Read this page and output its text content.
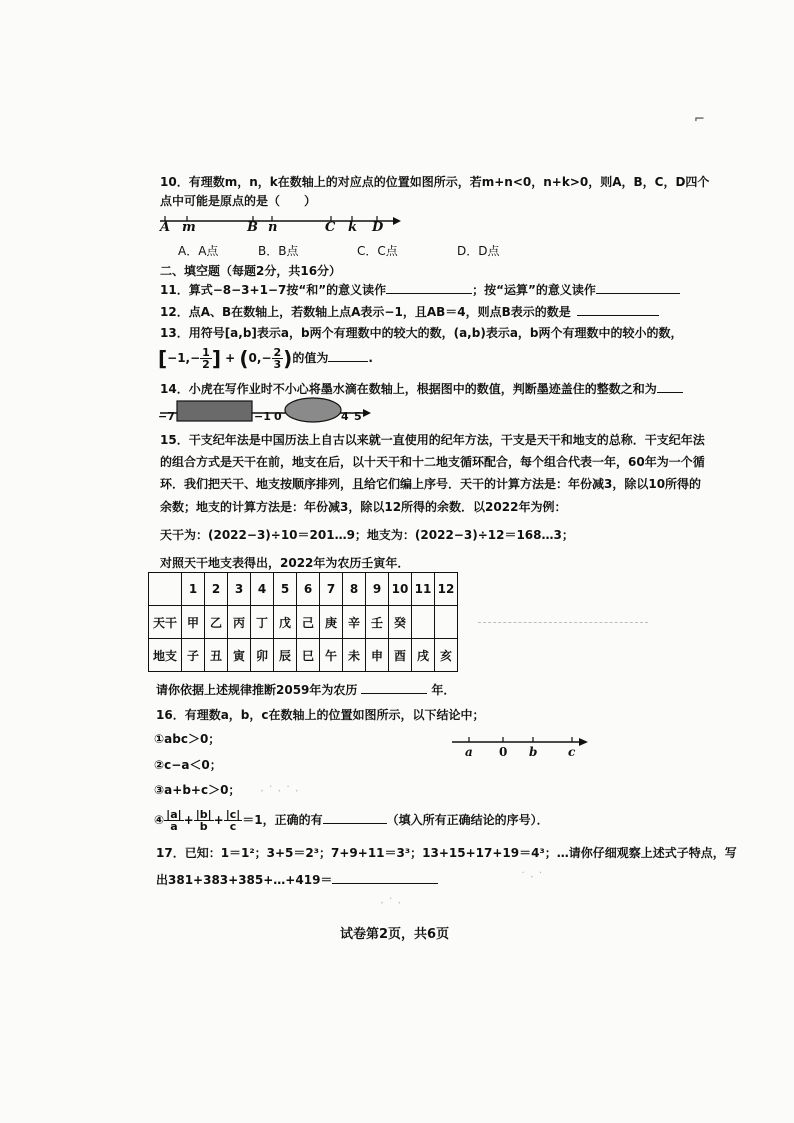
⌐
10．有理数m，n，k在数轴上的对应点的位置如图所示，若m+n<0，n+k>0，则A，B，C，D四个
点中可能是原点的是（　　）
A m	B n	C k D
A．A点	B．B点	C．C点	D．D点
二、填空题（每题2分，共16分）
11．算式−8−3+1−7按“和”的意义读作	；按“运算”的意义读作
12．点A、B在数轴上，若数轴上点A表示−1，且AB＝4，则点B表示的数是
13．用符号[a,b]表示a，b两个有理数中的较大的数，(a,b)表示a，b两个有理数中的较小的数，
[$-1,- \frac{1}{2}$ ] + ($0,- \frac{2}{3}$ )的值为	.
14．小虎在写作业时不小心将墨水滴在数轴上，根据图中的数值，判断墨迹盖住的整数之和为
−7	−1 0	4 5
15．干支纪年法是中国历法上自古以来就一直使用的纪年方法，干支是天干和地支的总称．干支纪年法
的组合方式是天干在前，地支在后，以十天干和十二地支循环配合，每个组合代表一年，60年为一个循
环．我们把天干、地支按顺序排列，且给它们编上序号．天干的计算方法是：年份减3，除以10所得的
余数；地支的计算方法是：年份减3，除以12所得的余数．以2022年为例：
天干为：(2022−3)÷10＝201…9；地支为：(2022−3)÷12＝168…3；
对照天干地支表得出，2022年为农历壬寅年．
	1	2	3	4	5	6	7	8	9	10	11	12
天干	甲	乙	丙	丁	戊	己	庚	辛	壬	癸		
地支	子	丑	寅	卯	辰	巳	午	未	申	酉	戌	亥
请你依据上述规律推断2059年为农历	年．
16．有理数a，b，c在数轴上的位置如图所示，以下结论中；
①abc＞0；
②c−a＜0；
③a+b+c＞0；
④ $\frac{|a|}{a} + \frac{|b|}{b} + \frac{|c|}{c} =1$，正确的有	（填入所有正确结论的序号）．
a 0 b	c
17．已知：1＝1²；3+5＝2³；7+9+11＝3³；13+15+17+19＝4³；…请你仔细观察上述式子特点，写
出381+383+385+…+419＝
· ˙ · ˙ ·
· ˙ ·
˙ · ˙
试卷第2页，共6页
